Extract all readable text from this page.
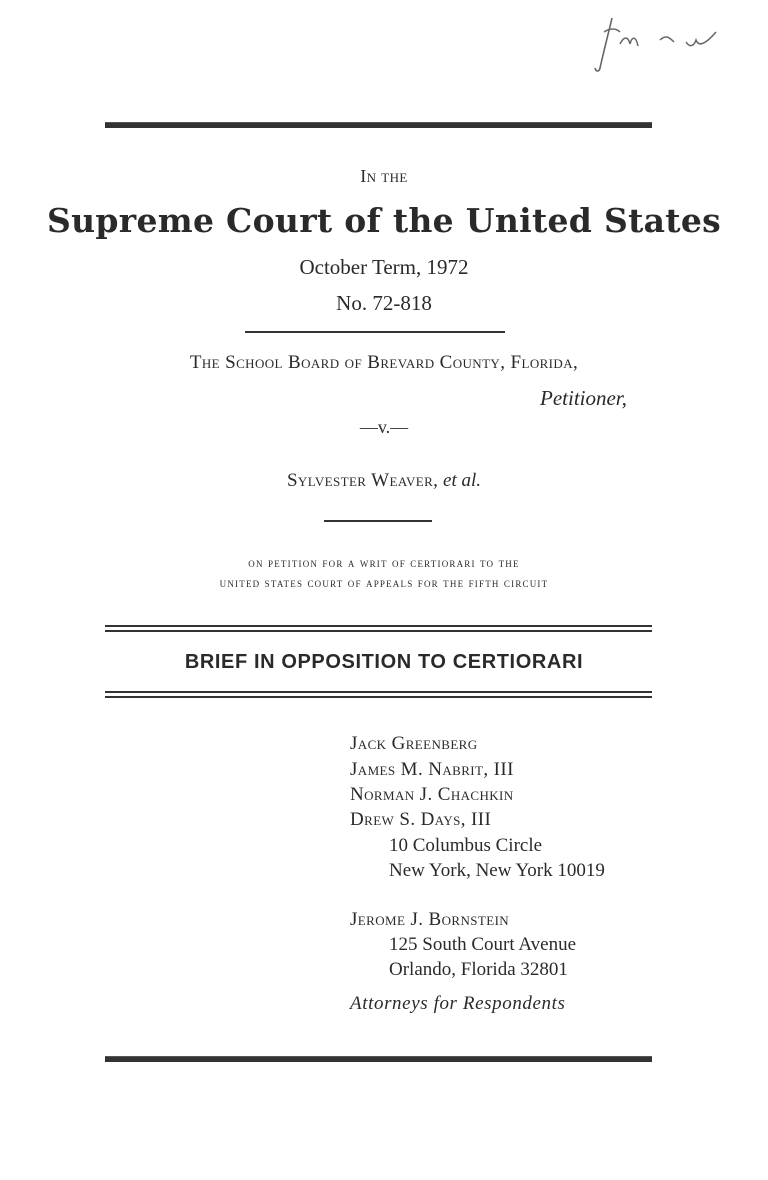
In the
Supreme Court of the United States
October Term, 1972
No. 72-818
The School Board of Brevard County, Florida,
Petitioner,
—v.—
Sylvester Weaver, et al.
on petition for a writ of certiorari to the
united states court of appeals for the fifth circuit
BRIEF IN OPPOSITION TO CERTIORARI
Jack Greenberg
James M. Nabrit, III
Norman J. Chachkin
Drew S. Days, III
10 Columbus Circle
New York, New York 10019
Jerome J. Bornstein
125 South Court Avenue
Orlando, Florida 32801
Attorneys for Respondents
